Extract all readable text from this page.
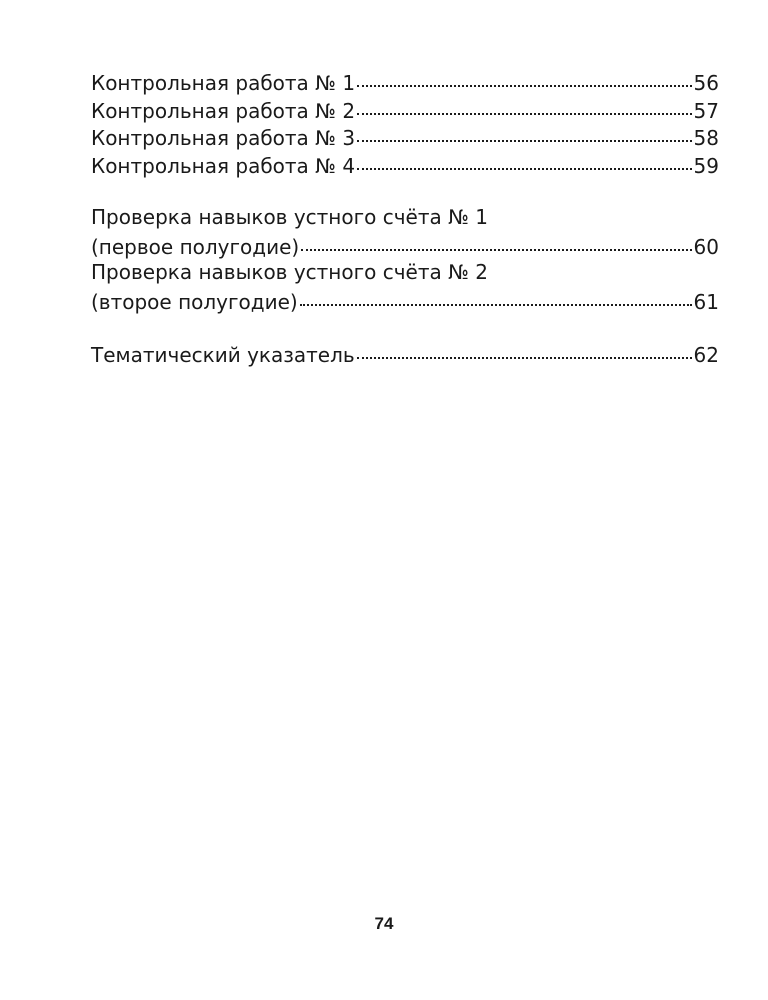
Контрольная работа № 1	56
Контрольная работа № 2	57
Контрольная работа № 3	58
Контрольная работа № 4	59
Проверка навыков устного счёта № 1
(первое полугодие)	60
Проверка навыков устного счёта № 2
(второе полугодие)	61
Тематический указатель	62
74
